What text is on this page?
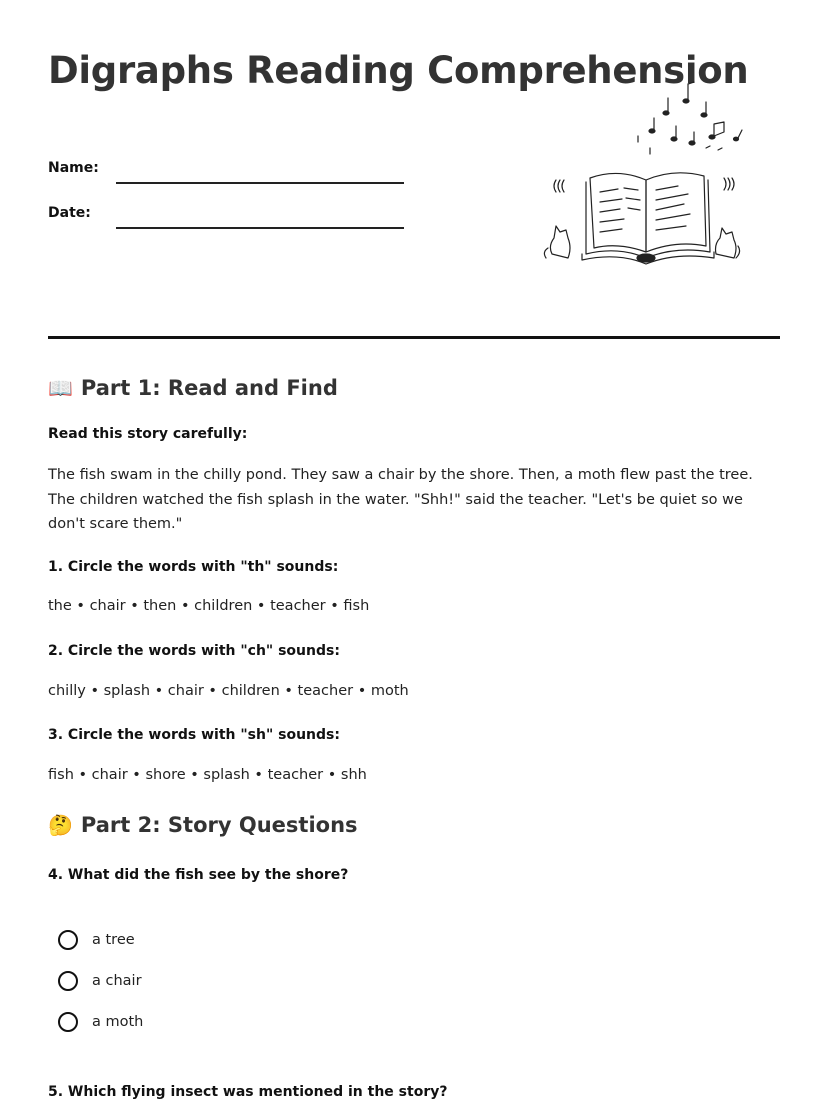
Digraphs Reading Comprehension
Name:
Date:
📖 Part 1: Read and Find

Read this story carefully:

The fish swam in the chilly pond. They saw a chair by the shore. Then, a moth flew past the tree. The children watched the fish splash in the water. "Shh!" said the teacher. "Let's be quiet so we don't scare them."

1. Circle the words with "th" sounds:

the • chair • then • children • teacher • fish

2. Circle the words with "ch" sounds:

chilly • splash • chair • children • teacher • moth

3. Circle the words with "sh" sounds:

fish • chair • shore • splash • teacher • shh

🤔 Part 2: Story Questions

4. What did the fish see by the shore?

a tree
a chair
a moth

5. Which flying insect was mentioned in the story?
